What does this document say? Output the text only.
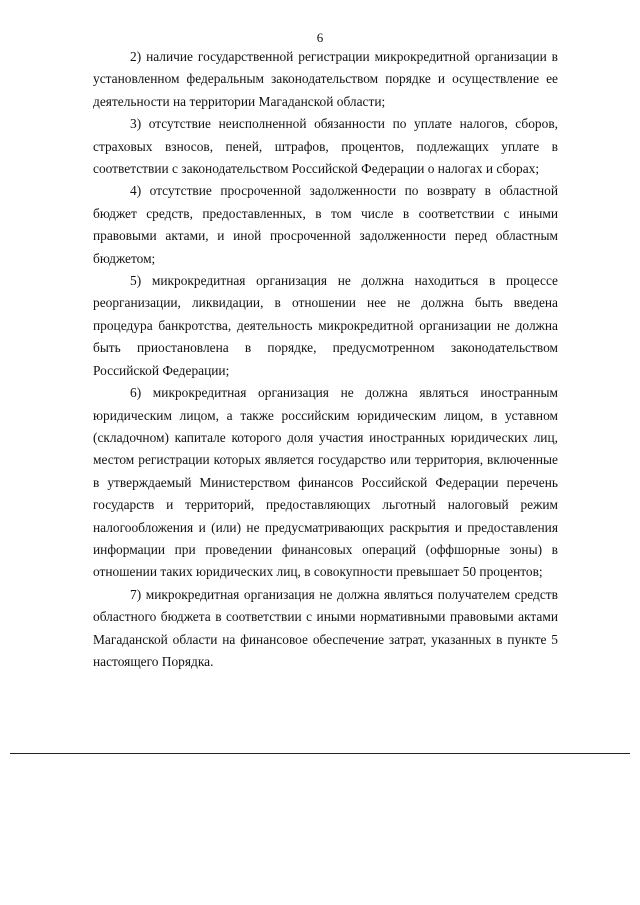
6

2) наличие государственной регистрации микрокредитной организации в установленном федеральным законодательством порядке и осуществление ее деятельности на территории Магаданской области;

3) отсутствие неисполненной обязанности по уплате налогов, сборов, страховых взносов, пеней, штрафов, процентов, подлежащих уплате в соответствии с законодательством Российской Федерации о налогах и сборах;

4) отсутствие просроченной задолженности по возврату в областной бюджет средств, предоставленных, в том числе в соответствии с иными правовыми актами, и иной просроченной задолженности перед областным бюджетом;

5) микрокредитная организация не должна находиться в процессе реорганизации, ликвидации, в отношении нее не должна быть введена процедура банкротства, деятельность микрокредитной организации не должна быть приостановлена в порядке, предусмотренном законодательством Российской Федерации;

6) микрокредитная организация не должна являться иностранным юридическим лицом, а также российским юридическим лицом, в уставном (складочном) капитале которого доля участия иностранных юридических лиц, местом регистрации которых является государство или территория, включенные в утверждаемый Министерством финансов Российской Федерации перечень государств и территорий, предоставляющих льготный налоговый режим налогообложения и (или) не предусматривающих раскрытия и предоставления информации при проведении финансовых операций (оффшорные зоны) в отношении таких юридических лиц, в совокупности превышает 50 процентов;

7) микрокредитная организация не должна являться получателем средств областного бюджета в соответствии с иными нормативными правовыми актами Магаданской области на финансовое обеспечение затрат, указанных в пункте 5 настоящего Порядка.
